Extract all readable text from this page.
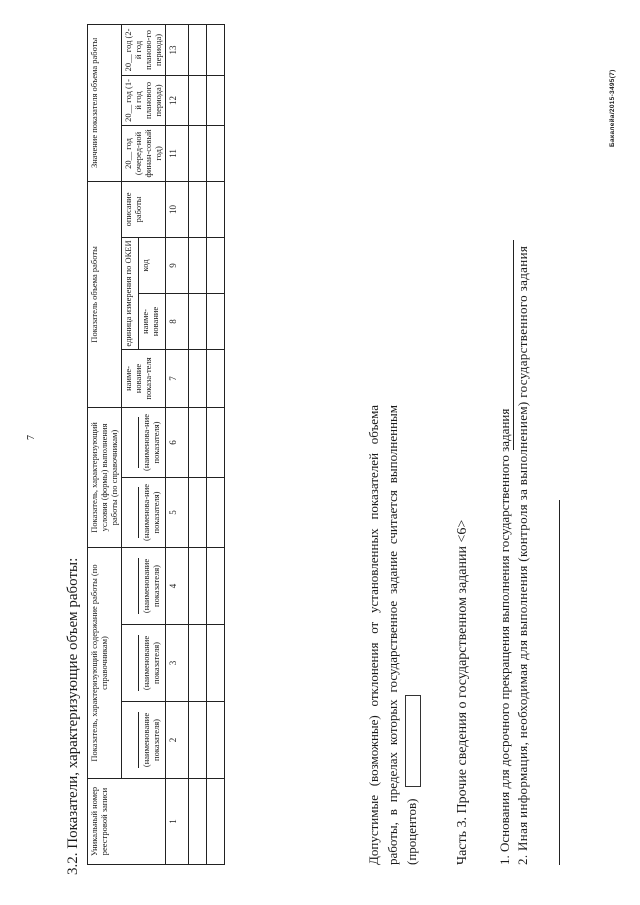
7
3.2. Показатели, характеризующие объем работы: Уникальный номер реестровой записи	Показатель, характеризующий содержание работы (по справочникам)			Показатель, характеризующий условия (формы) выполнения работы (по справочникам)		Показатель объема работы				Значение показателя объема работы		

(наименование показателя)	(наименование показателя)	(наименование показателя)	(наименова-ние показателя)	(наименова-ние показателя)	наиме-нование показа-теля	единица измерения по ОКЕИ		описание работы	20__ год (очеред-ной финан-совый год)	20__ год (1-й год планового периода)	20__ год (2-й год планово-го периода)
							наиме-нование	код				
1	2	3	4	5	6	7	8	9	10	11	12	13

Допустимые (возможные) отклонения от установленных показателей объема работы, в пределах которых государственное задание считается выполненным (процентов)	Часть 3. Прочие сведения о государственном задании <6> 1. Основания для досрочного прекращения выполнения государственного задания 2. Иная информация, необходимая для выполнения (контроля за выполнением) государственного задания
Бакалейа/2015-3495(7)
